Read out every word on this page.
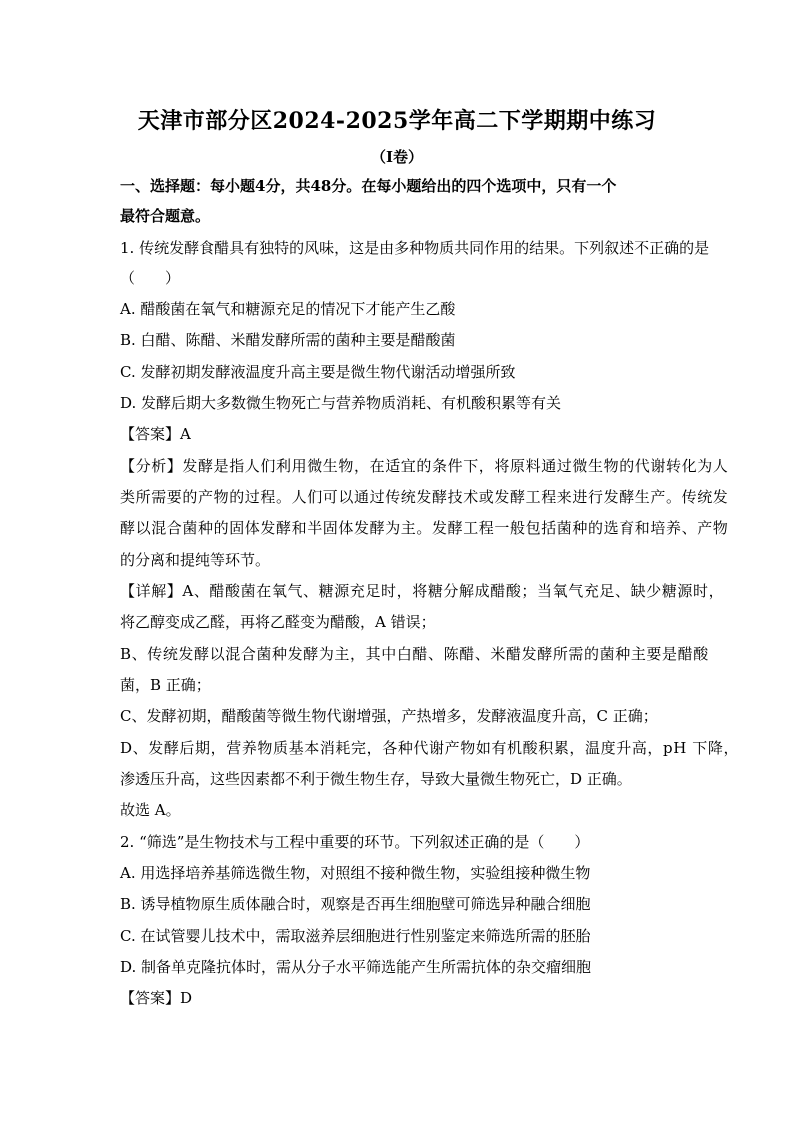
天津市部分区2024-2025学年高二下学期期中练习
（I卷）
一、选择题：每小题4分，共48分。在每小题给出的四个选项中，只有一个
最符合题意。
1. 传统发酵食醋具有独特的风味，这是由多种物质共同作用的结果。下列叙述不正确的是
（　　）
A. 醋酸菌在氧气和糖源充足的情况下才能产生乙酸
B. 白醋、陈醋、米醋发酵所需的菌种主要是醋酸菌
C. 发酵初期发酵液温度升高主要是微生物代谢活动增强所致
D. 发酵后期大多数微生物死亡与营养物质消耗、有机酸积累等有关
【答案】A
【分析】发酵是指人们利用微生物，在适宜的条件下，将原料通过微生物的代谢转化为人
类所需要的产物的过程。人们可以通过传统发酵技术或发酵工程来进行发酵生产。传统发
酵以混合菌种的固体发酵和半固体发酵为主。发酵工程一般包括菌种的选育和培养、产物
的分离和提纯等环节。
【详解】A、醋酸菌在氧气、糖源充足时，将糖分解成醋酸；当氧气充足、缺少糖源时，
将乙醇变成乙醛，再将乙醛变为醋酸，A 错误；
B、传统发酵以混合菌种发酵为主，其中白醋、陈醋、米醋发酵所需的菌种主要是醋酸
菌，B 正确；
C、发酵初期，醋酸菌等微生物代谢增强，产热增多，发酵液温度升高，C 正确；
D、发酵后期，营养物质基本消耗完，各种代谢产物如有机酸积累，温度升高，pH 下降，
渗透压升高，这些因素都不利于微生物生存，导致大量微生物死亡，D 正确。
故选 A。
2. “筛选”是生物技术与工程中重要的环节。下列叙述正确的是（　　）
A. 用选择培养基筛选微生物，对照组不接种微生物，实验组接种微生物
B. 诱导植物原生质体融合时，观察是否再生细胞壁可筛选异种融合细胞
C. 在试管婴儿技术中，需取滋养层细胞进行性别鉴定来筛选所需的胚胎
D. 制备单克隆抗体时，需从分子水平筛选能产生所需抗体的杂交瘤细胞
【答案】D
